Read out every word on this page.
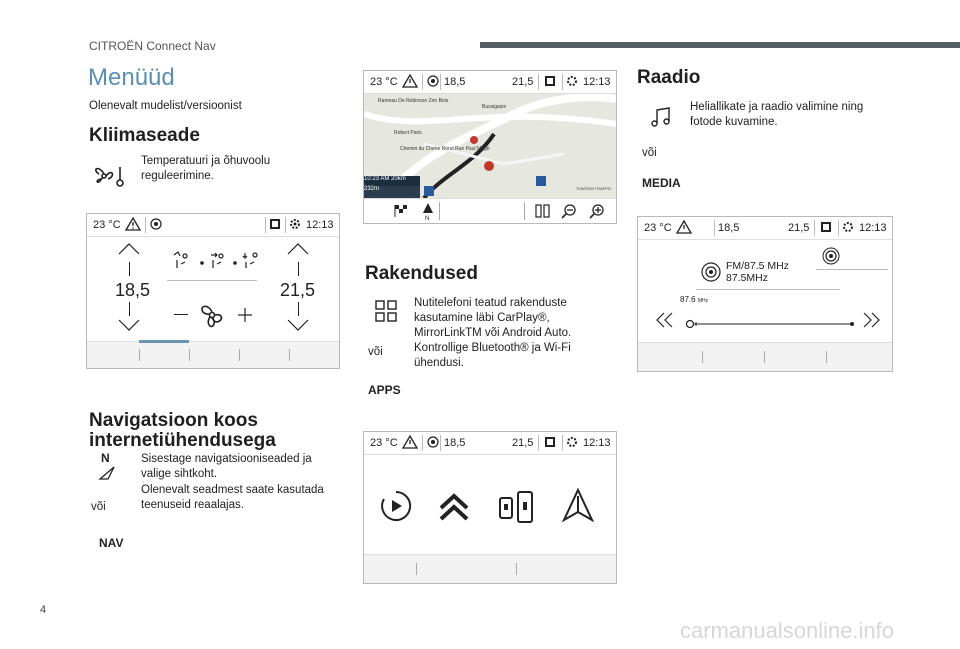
CITROËN Connect Nav
Menüüd
Olenevalt mudelist/versioonist
Kliimaseade
Temperatuuri ja õhuvoolu reguleerimine.
23 °C	12:13
18,5	21,5
Navigatsioon koos
internetiühendusega
N	Sisestage navigatsiooniseaded ja valige sihtkoht.
Olenevalt seadmest saate kasutada teenuseid reaalajas.
või
NAV
23 °C	18,5	21,5	12:13
Rameau De Robinson Zon Bois
Bussigaize
Robert Paris
Chemin du Chene Rond Rue Paul Magri
10:23 AM 20km
232m	TOMTOM TRAFFIC
N
Rakendused
Nutitelefoni teatud rakenduste kasutamine läbi CarPlay®, MirrorLinkTM või Android Auto. Kontrollige Bluetooth® ja Wi-Fi ühendusi.
või
APPS
23 °C	18,5	21,5	12:13
Raadio
Heliallikate ja raadio valimine ning fotode kuvamine.
või
MEDIA
23 °C	18,5	21,5	12:13
FM/87.5 MHz
87.5MHz
87.6 MHz
4
carmanualsonline.info
